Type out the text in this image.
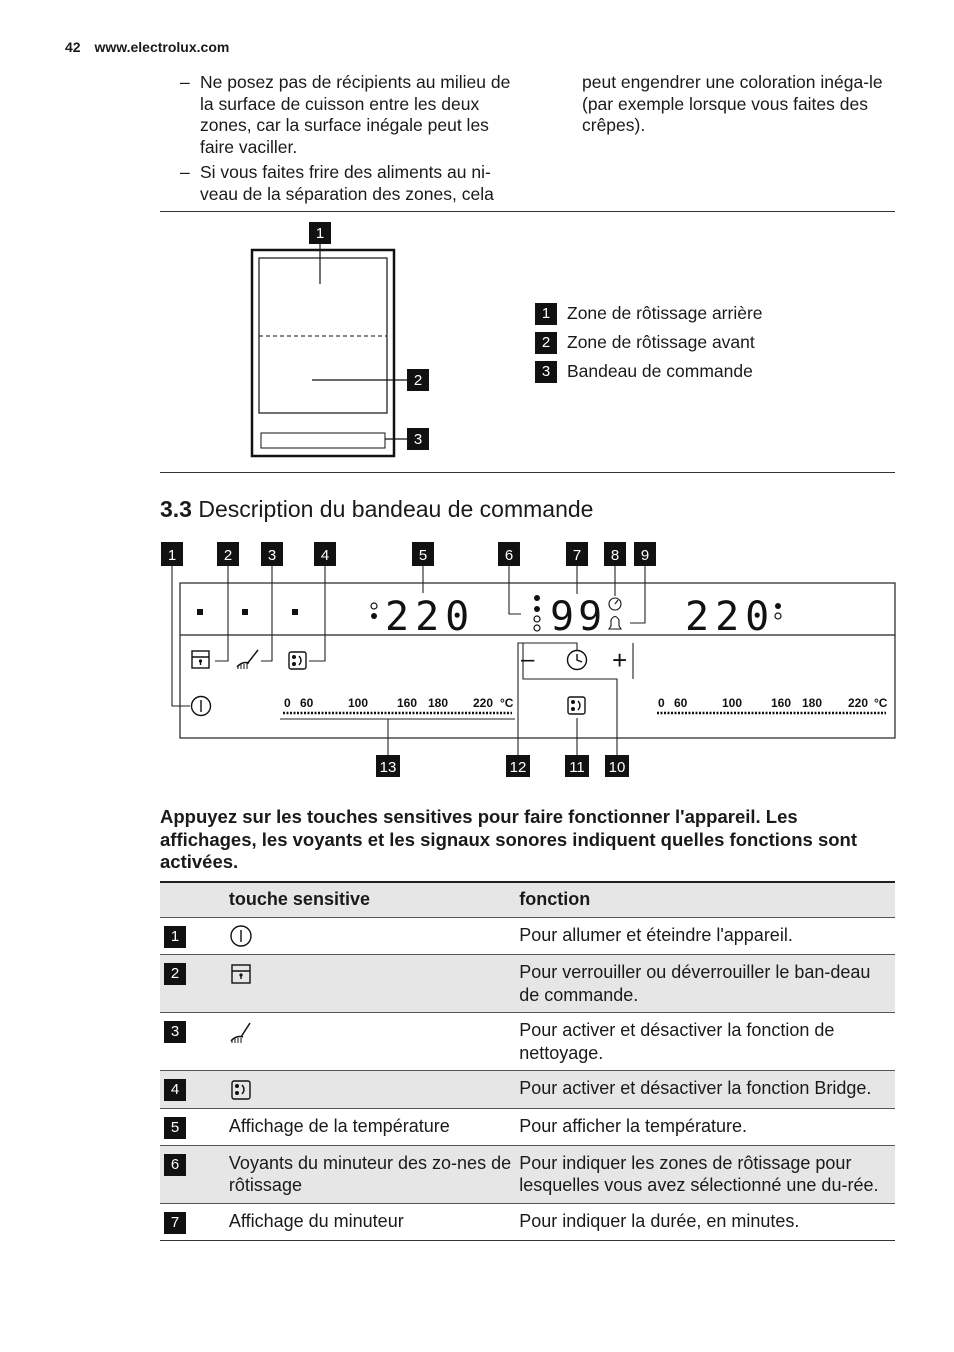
42 www.electrolux.com
– Ne posez pas de récipients au milieu de la surface de cuisson entre les deux zones, car la surface inégale peut les faire vaciller.
– Si vous faites frire des aliments au ni-veau de la séparation des zones, cela
peut engendrer une coloration inéga-le (par exemple lorsque vous faites des crêpes).
1
2
3
1 Zone de rôtissage arrière
2 Zone de rôtissage avant
3 Bandeau de commande
3.3 Description du bandeau de commande
1	2 3	4	5	6	7 8 9
13	12	11 10
220 99 220
–	+
0 60	100 160 180 220 °C	0 60	100 160 180 220 °C
Appuyez sur les touches sensitives pour faire fonctionner l'appareil. Les affichages, les voyants et les signaux sonores indiquent quelles fonctions sont activées.
	touche sensitive	fonction
1		Pour allumer et éteindre l'appareil.
2		Pour verrouiller ou déverrouiller le ban-deau de commande.
3		Pour activer et désactiver la fonction de nettoyage.
4		Pour activer et désactiver la fonction Bridge.
5	Affichage de la température	Pour afficher la température.
6	Voyants du minuteur des zo-nes de rôtissage	Pour indiquer les zones de rôtissage pour lesquelles vous avez sélectionné une du-rée.
7	Affichage du minuteur	Pour indiquer la durée, en minutes.
